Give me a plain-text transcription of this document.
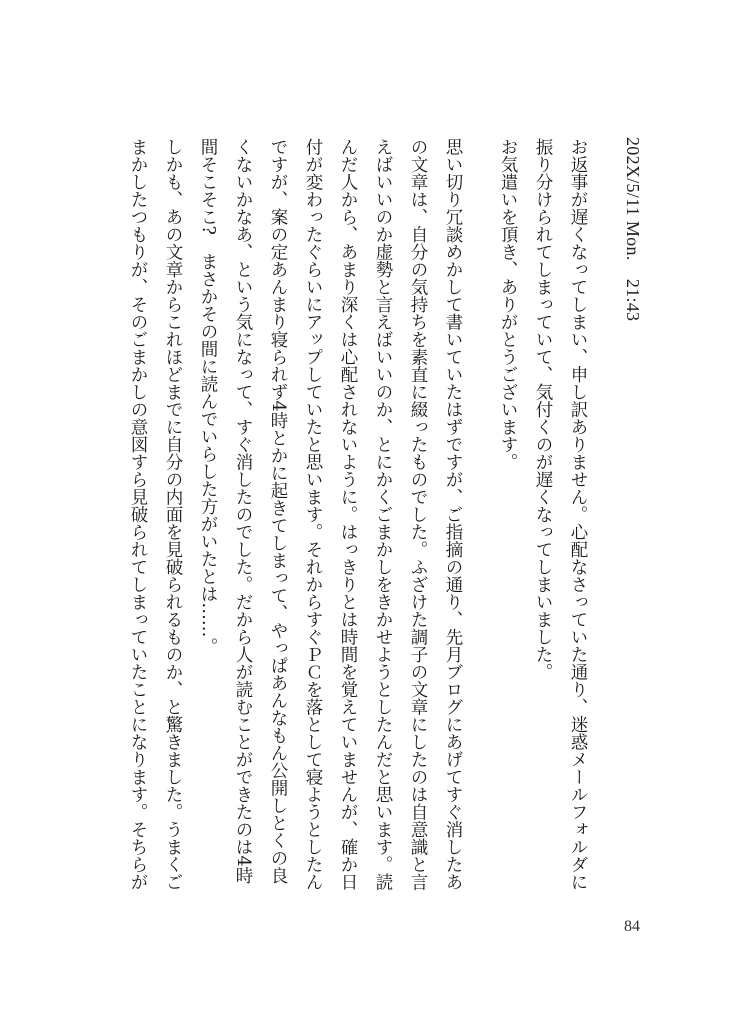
202X/5/11 Mon.　21:43
お返事が遅くなってしまい、申し訳ありません。心配なさっていた通り、迷惑メールフォルダに
振り分けられてしまっていて、気付くのが遅くなってしまいました。
お気遣いを頂き、ありがとうございます。
思い切り冗談めかして書いていたはずですが、ご指摘の通り、先月ブログにあげてすぐ消したあ
の文章は、自分の気持ちを素直に綴ったものでした。ふざけた調子の文章にしたのは自意識と言
えばいいのか虚勢と言えばいいのか、とにかくごまかしをきかせようとしたんだと思います。読
んだ人から、あまり深くは心配されないように。はっきりとは時間を覚えていませんが、確か日
付が変わったぐらいにアップしていたと思います。それからすぐＰＣを落として寝ようとしたん
ですが、案の定あんまり寝られず4時とかに起きてしまって、やっぱあんなもん公開しとくの良
くないかなあ、という気になって、すぐ消したのでした。だから人が読むことができたのは4時
間そこそこ?　まさかその間に読んでいらした方がいたとは……。
しかも、あの文章からこれほどまでに自分の内面を見破られるものか、と驚きました。うまくご
まかしたつもりが、そのごまかしの意図すら見破られてしまっていたことになります。そちらが
84
